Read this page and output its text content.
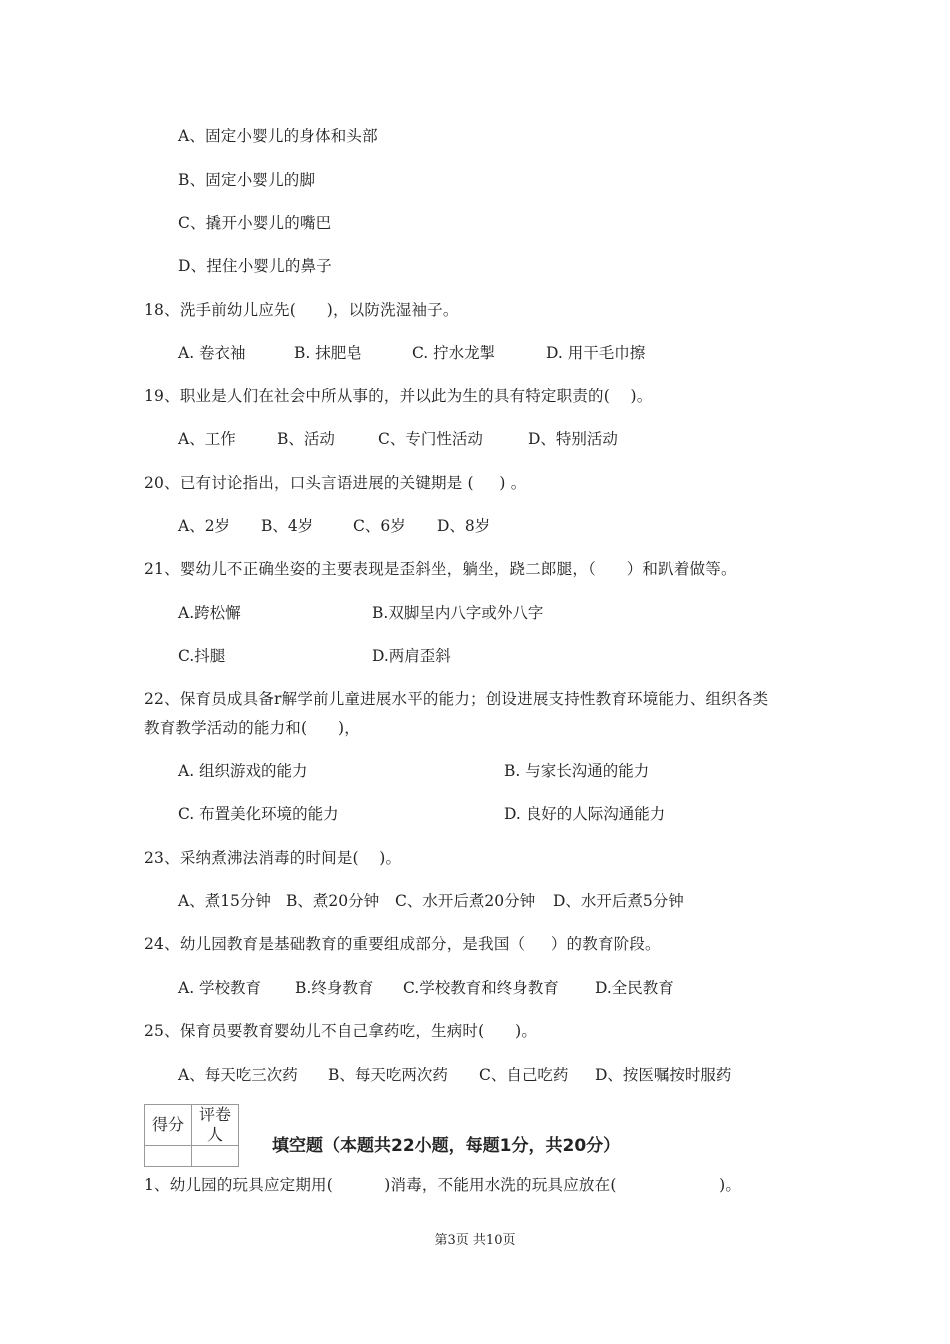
A、固定小婴儿的身体和头部
B、固定小婴儿的脚
C、撬开小婴儿的嘴巴
D、捏住小婴儿的鼻子
18、洗手前幼儿应先(      )，以防洗湿袖子。
A. 卷衣袖	B. 抹肥皂	C. 拧水龙掣	D. 用干毛巾擦
19、职业是人们在社会中所从事的，并以此为生的具有特定职责的(    )。
A、工作	B、活动	C、专门性活动	D、特别活动
20、已有讨论指出，口头言语进展的关键期是 (     ) 。
A、2岁 B、4岁	C、6岁 D、8岁
21、婴幼儿不正确坐姿的主要表现是歪斜坐，躺坐，跷二郎腿，（      ）和趴着做等。
A.跨松懈	B.双脚呈内八字或外八字
C.抖腿	D.两肩歪斜
22、保育员成具备r解学前儿童进展水平的能力；创设进展支持性教育环境能力、组织各类
教育教学活动的能力和(      )，
A. 组织游戏的能力	B. 与家长沟通的能力
C. 布置美化环境的能力	D. 良好的人际沟通能力
23、采纳煮沸法消毒的时间是(    )。
A、煮15分钟 B、煮20分钟 C、水开后煮20分钟 D、水开后煮5分钟
24、幼儿园教育是基础教育的重要组成部分，是我国（     ）的教育阶段。
A. 学校教育 B.终身教育 C.学校教育和终身教育 D.全民教育
25、保育员要教育婴幼儿不自己拿药吃，生病时(      )。
A、每天吃三次药 B、每天吃两次药 C、自己吃药 D、按医嘱按时服药
得分	评卷人

填空题（本题共22小题，每题1分，共20分）
1、幼儿园的玩具应定期用(          )消毒，不能用水洗的玩具应放在(                    )。
第3页 共10页
